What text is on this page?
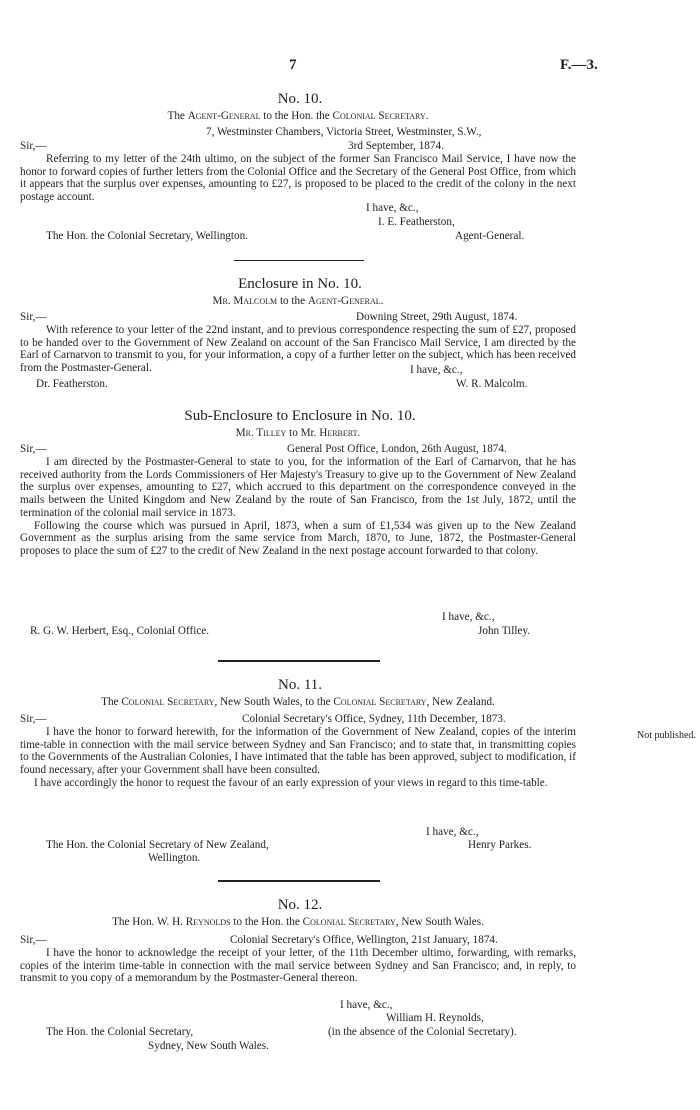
7	F.—3.
No. 10.
The Agent-General to the Hon. the Colonial Secretary.
7, Westminster Chambers, Victoria Street, Westminster, S.W.,
Sir,—	3rd September, 1874.

Referring to my letter of the 24th ultimo, on the subject of the former San Francisco Mail Service, I have now the honor to forward copies of further letters from the Colonial Office and the Secretary of the General Post Office, from which it appears that the surplus over expenses, amounting to £27, is proposed to be placed to the credit of the colony in the next postage account.

I have, &c.,
I. E. Featherston,
The Hon. the Colonial Secretary, Wellington.	Agent-General.
Enclosure in No. 10.
Mr. Malcolm to the Agent-General.
Sir,—	Downing Street, 29th August, 1874.

With reference to your letter of the 22nd instant, and to previous correspondence respecting the sum of £27, proposed to be handed over to the Government of New Zealand on account of the San Francisco Mail Service, I am directed by the Earl of Carnarvon to transmit to you, for your information, a copy of a further letter on the subject, which has been received from the Postmaster-General.	I have, &c.,
Dr. Featherston.	W. R. Malcolm.
Sub-Enclosure to Enclosure in No. 10.
Mr. Tilley to Mr. Herbert.
Sir,—	General Post Office, London, 26th August, 1874.

I am directed by the Postmaster-General to state to you, for the information of the Earl of Carnarvon, that he has received authority from the Lords Commissioners of Her Majesty's Treasury to give up to the Government of New Zealand the surplus over expenses, amounting to £27, which accrued to this department on the correspondence conveyed in the mails between the United Kingdom and New Zealand by the route of San Francisco, from the 1st July, 1872, until the termination of the colonial mail service in 1873.

Following the course which was pursued in April, 1873, when a sum of £1,534 was given up to the New Zealand Government as the surplus arising from the same service from March, 1870, to June, 1872, the Postmaster-General proposes to place the sum of £27 to the credit of New Zealand in the next postage account forwarded to that colony.

I have, &c.,
R. G. W. Herbert, Esq., Colonial Office.	John Tilley.
No. 11.
The Colonial Secretary, New South Wales, to the Colonial Secretary, New Zealand.
Sir,—	Colonial Secretary's Office, Sydney, 11th December, 1873.

I have the honor to forward herewith, for the information of the Government of New Zealand, copies of the interim time-table in connection with the mail service between Sydney and San Francisco; and to state that, in transmitting copies to the Governments of the Australian Colonies, I have intimated that the table has been approved, subject to modification, if found necessary, after your Government shall have been consulted.

I have accordingly the honor to request the favour of an early expression of your views in regard to this time-table.

Not published.
I have, &c.,
The Hon. the Colonial Secretary of New Zealand,	Henry Parkes.
Wellington.
No. 12.
The Hon. W. H. Reynolds to the Hon. the Colonial Secretary, New South Wales.
Sir,—	Colonial Secretary's Office, Wellington, 21st January, 1874.

I have the honor to acknowledge the receipt of your letter, of the 11th December ultimo, forwarding, with remarks, copies of the interim time-table in connection with the mail service between Sydney and San Francisco; and, in reply, to transmit to you copy of a memorandum by the Postmaster-General thereon.

I have, &c.,
William H. Reynolds,
The Hon. the Colonial Secretary,	(in the absence of the Colonial Secretary).
Sydney, New South Wales.
